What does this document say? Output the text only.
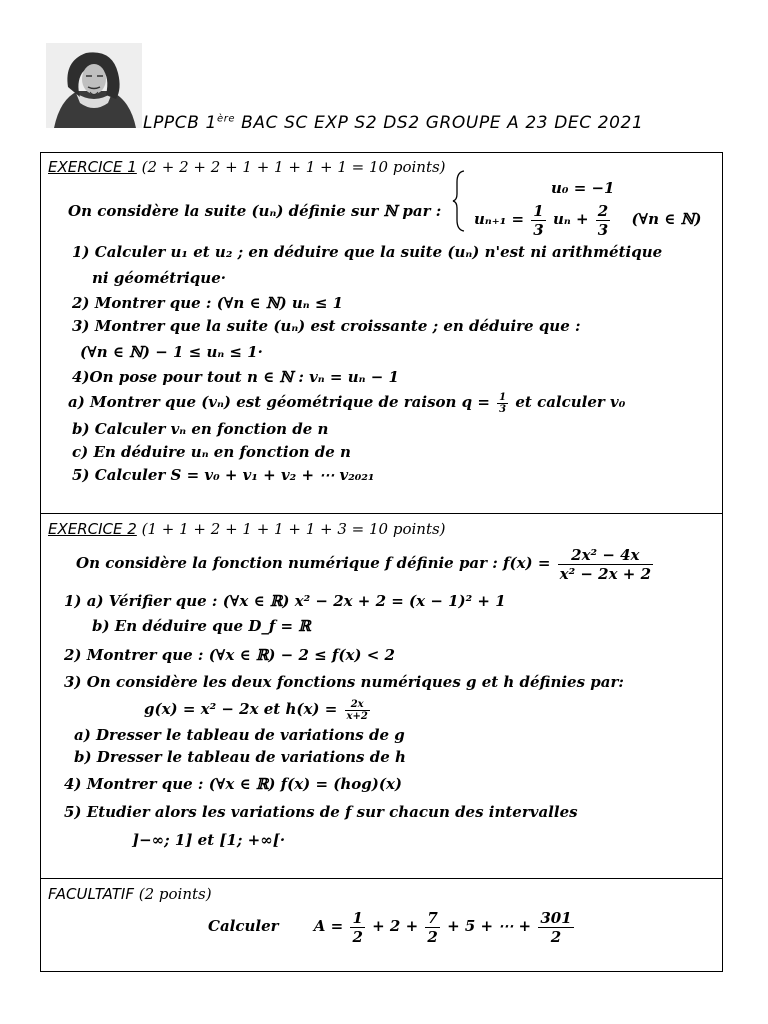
LPPCB 1ère BAC SC EXP S2 DS2 GROUPE A 23 DEC 2021
EXERCICE 1 (2 + 2 + 2 + 1 + 1 + 1 + 1 = 10 points)
On considère la suite (uₙ) définie sur ℕ par :
u₀ = −1
$u_{n+1} = \frac{1}{3}$ $u_n + \frac{2}{3}$ (∀n ∈ ℕ)
1) Calculer u₁ et u₂ ; en déduire que la suite (uₙ) n'est ni arithmétique
ni géométrique·
2) Montrer que : (∀n ∈ ℕ) uₙ ≤ 1
3) Montrer que la suite (uₙ) est croissante ; en déduire que :
(∀n ∈ ℕ) − 1 ≤ uₙ ≤ 1·
4)On pose pour tout n ∈ ℕ : vₙ = uₙ − 1
a) Montrer que (vₙ) est géométrique de raison $q = \frac{1}{3}$ et calculer v₀
b) Calculer vₙ en fonction de n
c) En déduire uₙ en fonction de n
5) Calculer S = v₀ + v₁ + v₂ + ⋯ v₂₀₂₁
EXERCICE 2 (1 + 1 + 2 + 1 + 1 + 1 + 3 = 10 points)
On considère la fonction numérique f définie par : $f(x) = \frac{\text{2x² − 4x}}{\text{x² − 2x + 2}}$
1) a) Vérifier que : (∀x ∈ ℝ) x² − 2x + 2 = (x − 1)² + 1
b) En déduire que D_f = ℝ
2) Montrer que : (∀x ∈ ℝ) − 2 ≤ f(x) < 2
3) On considère les deux fonctions numériques g et h définies par:
g(x) = x² − 2x et $h(x) = \frac{2x}{x+2}$
a) Dresser le tableau de variations de g
b) Dresser le tableau de variations de h
4) Montrer que : (∀x ∈ ℝ) f(x) = (hog)(x)
5) Etudier alors les variations de f sur chacun des intervalles
]−∞; 1] et [1; +∞[·
FACULTATIF (2 points)
Calculer $A = \frac{1}{2} + 2 + \frac{7}{2} + 5$ + ⋯ + $\frac{301}{2}$
